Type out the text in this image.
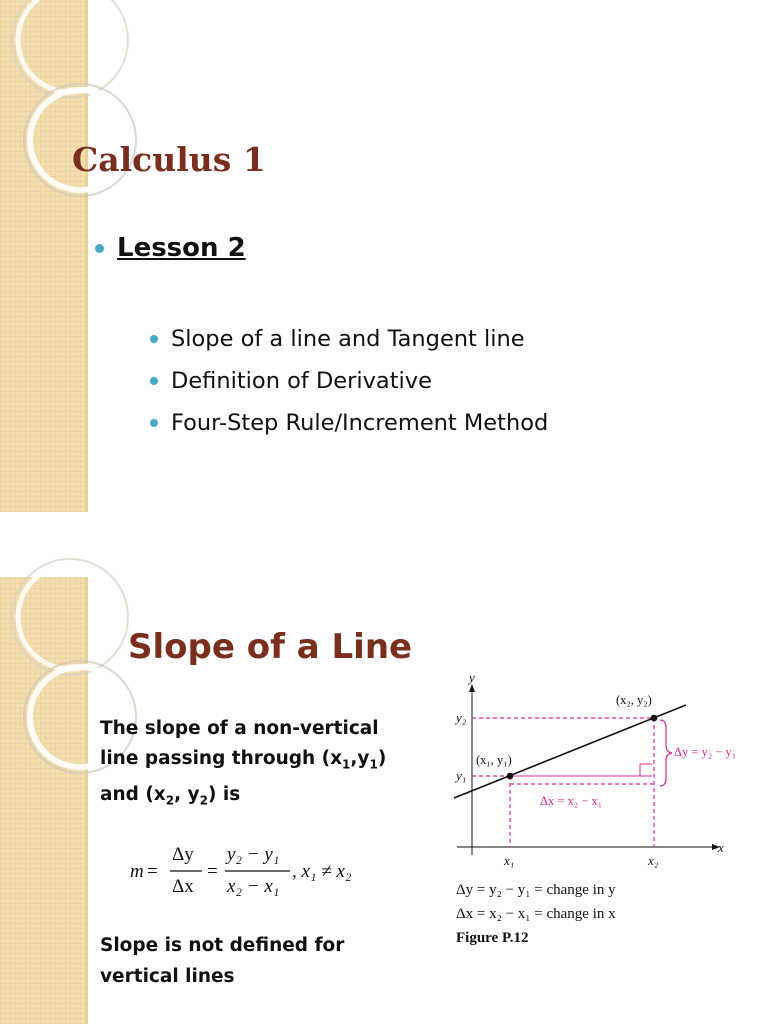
Calculus 1
Lesson 2
Slope of a line and Tangent line
Definition of Derivative
Four-Step Rule/Increment Method
Slope of a Line
The slope of a non-vertical
line passing through $(x_1,y_1)$
and ($x_2$, $y_2$) is
m =
Δy
Δx
=
y₂ − y₁
x₂ − x₁
, x₁ ≠ x₂
Slope is not defined for
vertical lines
y
x
y₂
y₁
x₁	x₂
(x₁, y₁)
(x₂, y₂)
Δy = y₂ − y₁
Δx = x₂ − x₁
Δy = y₂ − y₁ = change in y
Δx = x₂ − x₁ = change in x
Figure P.12
